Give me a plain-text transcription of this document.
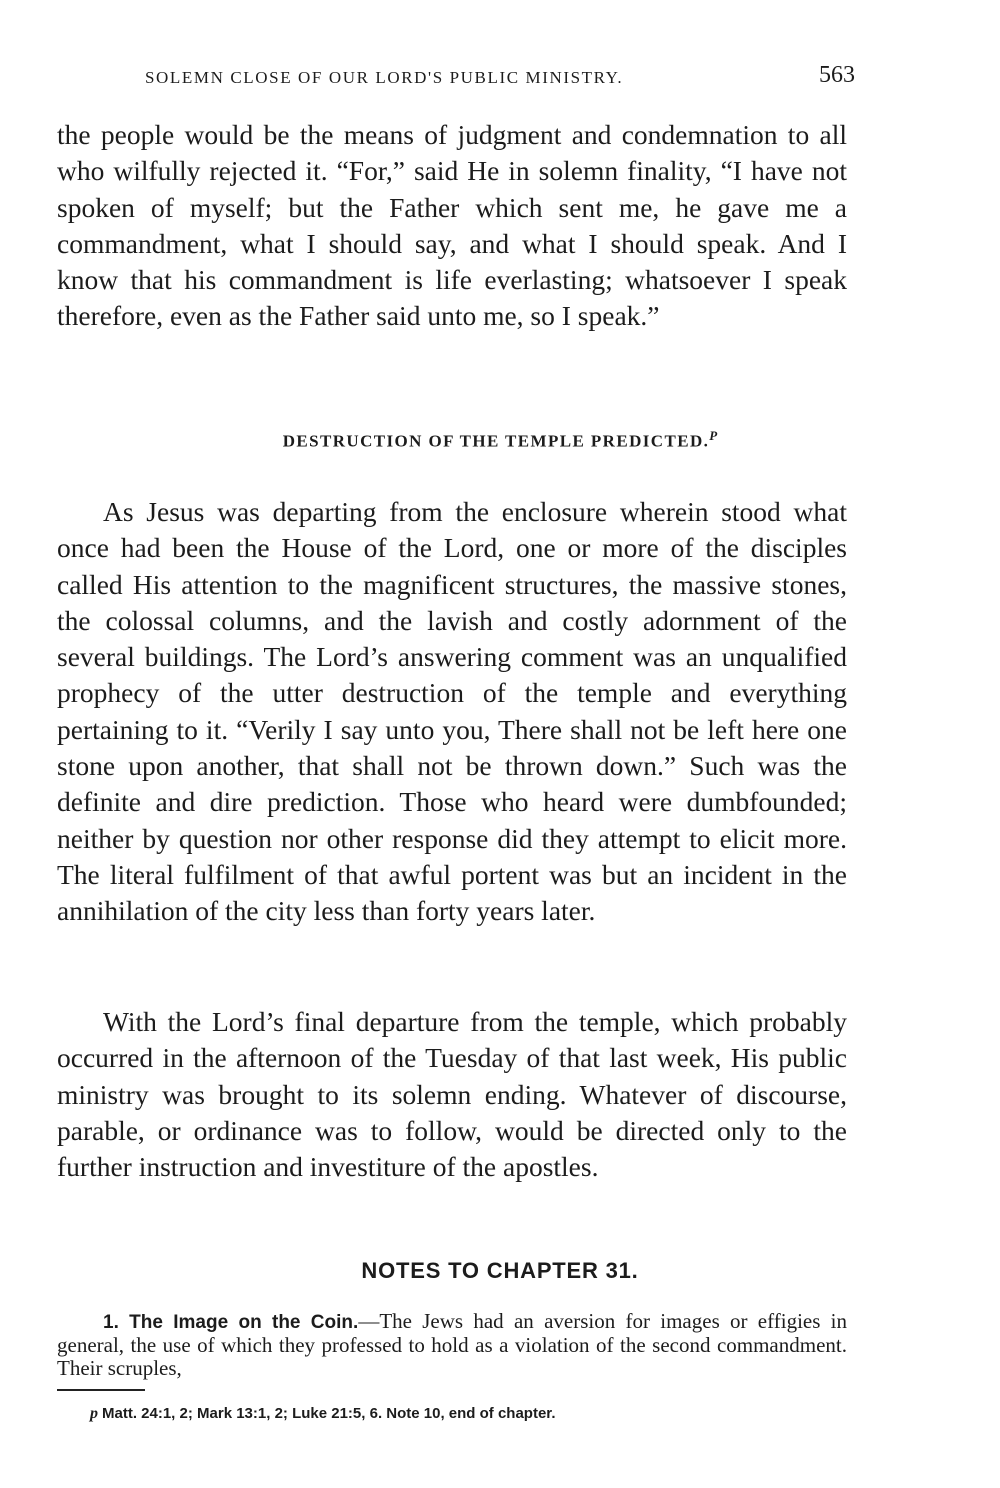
SOLEMN CLOSE OF OUR LORD'S PUBLIC MINISTRY.	563

the people would be the means of judgment and condemnation to all who wilfully rejected it. “For,” said He in solemn finality, “I have not spoken of myself; but the Father which sent me, he gave me a commandment, what I should say, and what I should speak. And I know that his commandment is life everlasting; whatsoever I speak therefore, even as the Father said unto me, so I speak.”

DESTRUCTION OF THE TEMPLE PREDICTED.$^P$

As Jesus was departing from the enclosure wherein stood what once had been the House of the Lord, one or more of the disciples called His attention to the magnificent structures, the massive stones, the colossal columns, and the lavish and costly adornment of the several buildings. The Lord’s answering comment was an unqualified prophecy of the utter destruction of the temple and everything pertaining to it. “Verily I say unto you, There shall not be left here one stone upon another, that shall not be thrown down.” Such was the definite and dire prediction. Those who heard were dumbfounded; neither by question nor other response did they attempt to elicit more. The literal fulfilment of that awful portent was but an incident in the annihilation of the city less than forty years later.

With the Lord’s final departure from the temple, which probably occurred in the afternoon of the Tuesday of that last week, His public ministry was brought to its solemn ending. Whatever of discourse, parable, or ordinance was to follow, would be directed only to the further instruction and investiture of the apostles.

NOTES TO CHAPTER 31.

1. The Image on the Coin.—The Jews had an aversion for images or effigies in general, the use of which they professed to hold as a violation of the second commandment. Their scruples,

p Matt. 24:1, 2; Mark 13:1, 2; Luke 21:5, 6. Note 10, end of chapter.
